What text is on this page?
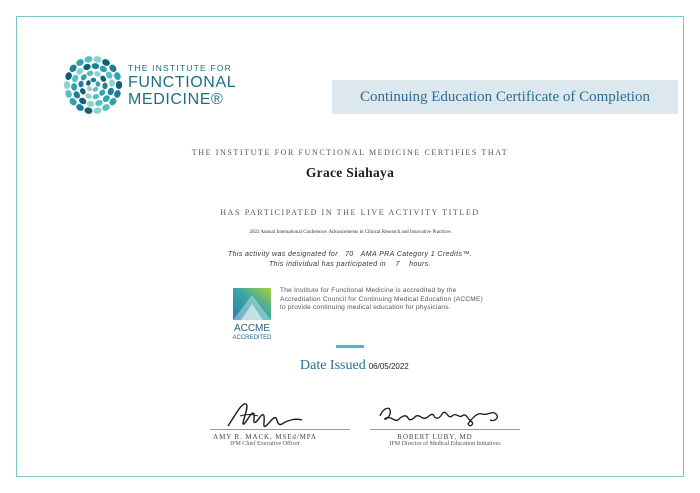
THE INSTITUTE FOR
FUNCTIONAL
MEDICINE®	Continuing Education Certificate of Completion
THE INSTITUTE FOR FUNCTIONAL MEDICINE CERTIFIES THAT
Grace Siahaya
HAS PARTICIPATED IN THE LIVE ACTIVITY TITLED
2022 Annual International Conference: Advancements in Clinical Research and Innovative Practices
This activity was designated for 70 AMA PRA Category 1 Credits™.
This individual has participated in 7 hours.
ACCME
ACCREDITED
The Institute for Functional Medicine is accredited by the Accreditation Council for Continuing Medical Education (ACCME) to provide continuing medical education for physicians.
Date Issued 06/05/2022
AMY R. MACK, MSEd/MPA
IFM Chief Executive Officer
ROBERT LUBY, MD
IFM Director of Medical Education Initiatives
